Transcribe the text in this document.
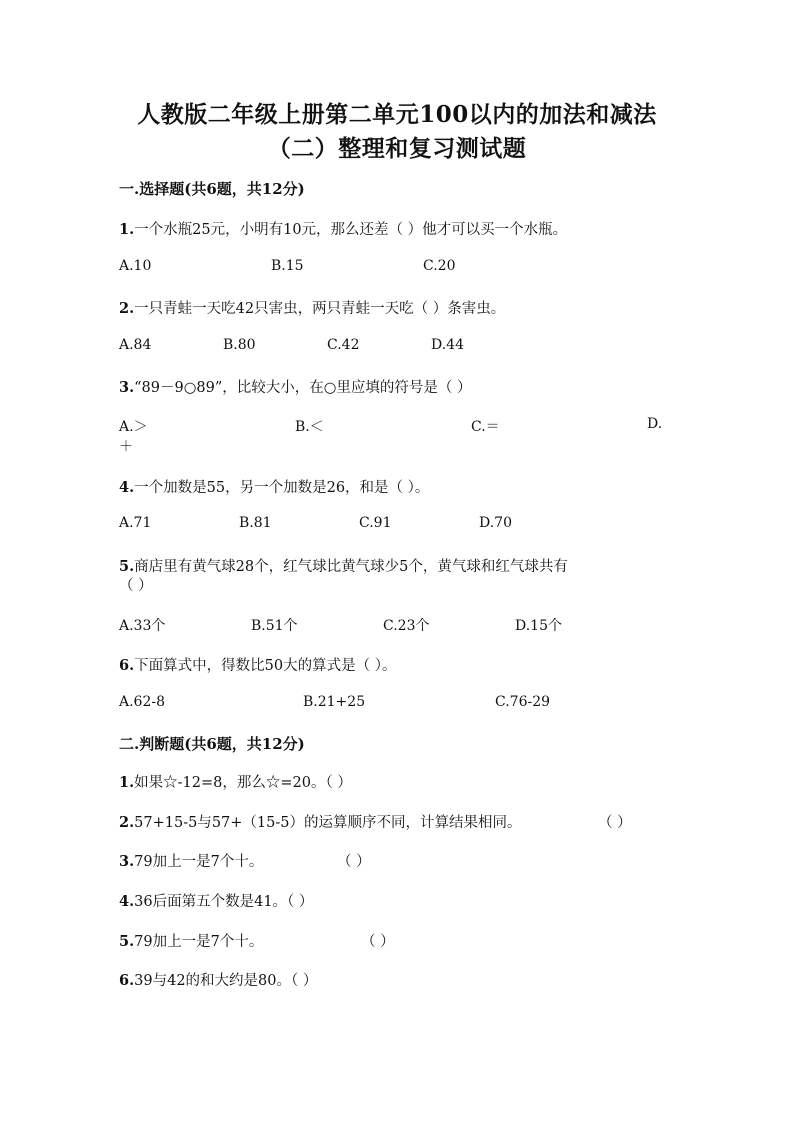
人教版二年级上册第二单元100以内的加法和减法
（二）整理和复习测试题
一.选择题(共6题，共12分)
1.一个水瓶25元，小明有10元，那么还差（ ）他才可以买一个水瓶。
A.10	B.15	C.20
2.一只青蛙一天吃42只害虫，两只青蛙一天吃（ ）条害虫。
A.84	B.80	C.42	D.44
3.“89－9○89”，比较大小，在○里应填的符号是（ ）
A.＞	B.＜	C.＝	D.
＋
4.一个加数是55，另一个加数是26，和是（ ）。
A.71	B.81	C.91	D.70
5.商店里有黄气球28个，红气球比黄气球少5个，黄气球和红气球共有
（ ）
A.33个	B.51个	C.23个	D.15个
6.下面算式中，得数比50大的算式是（ ）。
A.62-8	B.21+25	C.76-29
二.判断题(共6题，共12分)
1.如果☆-12=8，那么☆=20。（ ）
2.57+15-5与57+（15-5）的运算顺序不同，计算结果相同。	（ ）
3.79加上一是7个十。	（ ）
4.36后面第五个数是41。（ ）
5.79加上一是7个十。	（ ）
6.39与42的和大约是80。（ ）
